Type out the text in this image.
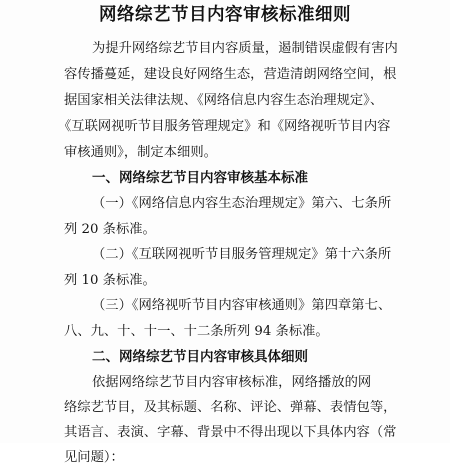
网络综艺节目内容审核标准细则
为提升网络综艺节目内容质量，遏制错误虚假有害内
容传播蔓延，建设良好网络生态，营造清朗网络空间，根
据国家相关法律法规、《网络信息内容生态治理规定》、
《互联网视听节目服务管理规定》和《网络视听节目内容
审核通则》，制定本细则。
一、网络综艺节目内容审核基本标准
（一）《网络信息内容生态治理规定》第六、七条所
列 20 条标准。
（二）《互联网视听节目服务管理规定》第十六条所
列 10 条标准。
（三）《网络视听节目内容审核通则》第四章第七、
八、九、十、十一、十二条所列 94 条标准。
二、网络综艺节目内容审核具体细则
依据网络综艺节目内容审核标准，网络播放的网
络综艺节目，及其标题、名称、评论、弹幕、表情包等，
其语言、表演、字幕、背景中不得出现以下具体内容（常
见问题）：
